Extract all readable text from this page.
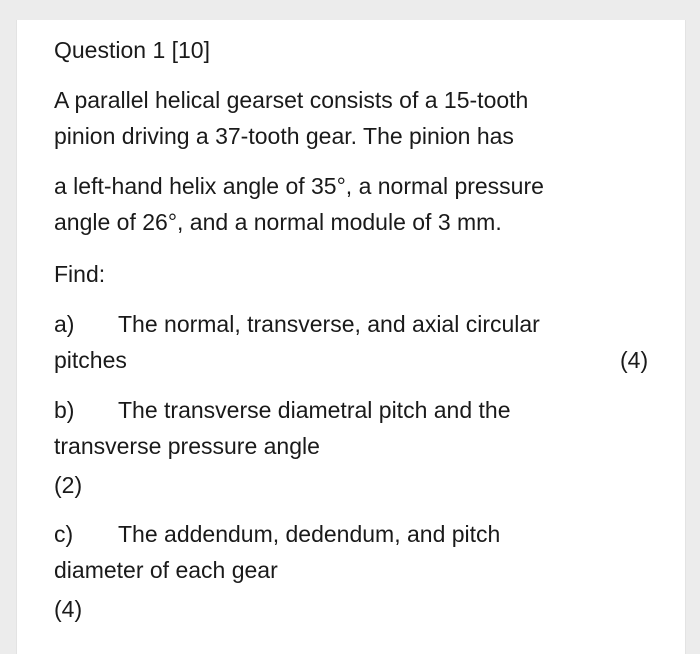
Question 1 [10]
A parallel helical gearset consists of a 15-tooth
pinion driving a 37-tooth gear. The pinion has
a left-hand helix angle of 35°, a normal pressure
angle of 26°, and a normal module of 3 mm.
Find:
a) The normal, transverse, and axial circular
pitches	(4)
b) The transverse diametral pitch and the
transverse pressure angle
(2)
c) The addendum, dedendum, and pitch
diameter of each gear
(4)
